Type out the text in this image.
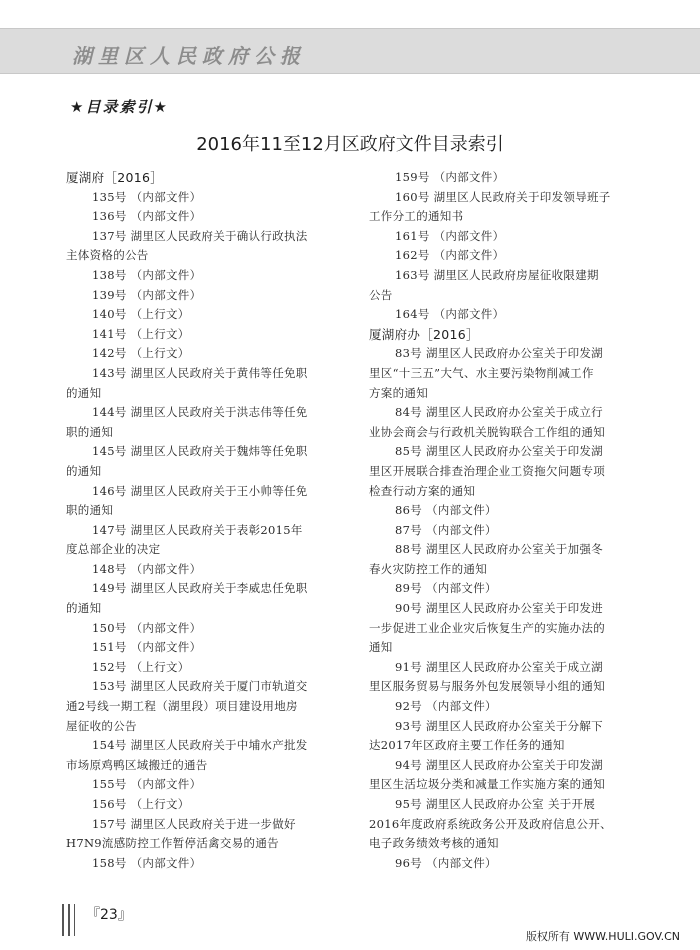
湖里区人民政府公报
★目录索引★
2016年11至12月区政府文件目录索引
厦湖府［2016］
135号 （内部文件）
136号 （内部文件）
137号 湖里区人民政府关于确认行政执法
主体资格的公告
138号 （内部文件）
139号 （内部文件）
140号 （上行文）
141号 （上行文）
142号 （上行文）
143号 湖里区人民政府关于黄伟等任免职
的通知
144号 湖里区人民政府关于洪志伟等任免
职的通知
145号 湖里区人民政府关于魏炜等任免职
的通知
146号 湖里区人民政府关于王小帅等任免
职的通知
147号 湖里区人民政府关于表彰2015年
度总部企业的决定
148号 （内部文件）
149号 湖里区人民政府关于李威忠任免职
的通知
150号 （内部文件）
151号 （内部文件）
152号 （上行文）
153号 湖里区人民政府关于厦门市轨道交
通2号线一期工程（湖里段）项目建设用地房
屋征收的公告
154号 湖里区人民政府关于中埔水产批发
市场原鸡鸭区域搬迁的通告
155号 （内部文件）
156号 （上行文）
157号 湖里区人民政府关于进一步做好
H7N9流感防控工作暂停活禽交易的通告
158号 （内部文件）
159号 （内部文件）
160号 湖里区人民政府关于印发领导班子
工作分工的通知书
161号 （内部文件）
162号 （内部文件）
163号 湖里区人民政府房屋征收限建期
公告
164号 （内部文件）
厦湖府办［2016］
83号 湖里区人民政府办公室关于印发湖
里区“十三五”大气、水主要污染物削减工作
方案的通知
84号 湖里区人民政府办公室关于成立行
业协会商会与行政机关脱钩联合工作组的通知
85号 湖里区人民政府办公室关于印发湖
里区开展联合排查治理企业工资拖欠问题专项
检查行动方案的通知
86号 （内部文件）
87号 （内部文件）
88号 湖里区人民政府办公室关于加强冬
春火灾防控工作的通知
89号 （内部文件）
90号 湖里区人民政府办公室关于印发进
一步促进工业企业灾后恢复生产的实施办法的
通知
91号 湖里区人民政府办公室关于成立湖
里区服务贸易与服务外包发展领导小组的通知
92号 （内部文件）
93号 湖里区人民政府办公室关于分解下
达2017年区政府主要工作任务的通知
94号 湖里区人民政府办公室关于印发湖
里区生活垃圾分类和减量工作实施方案的通知
95号 湖里区人民政府办公室 关于开展
2016年度政府系统政务公开及政府信息公开、
电子政务绩效考核的通知
96号 （内部文件）
『23』
版权所有 WWW.HULI.GOV.CN
